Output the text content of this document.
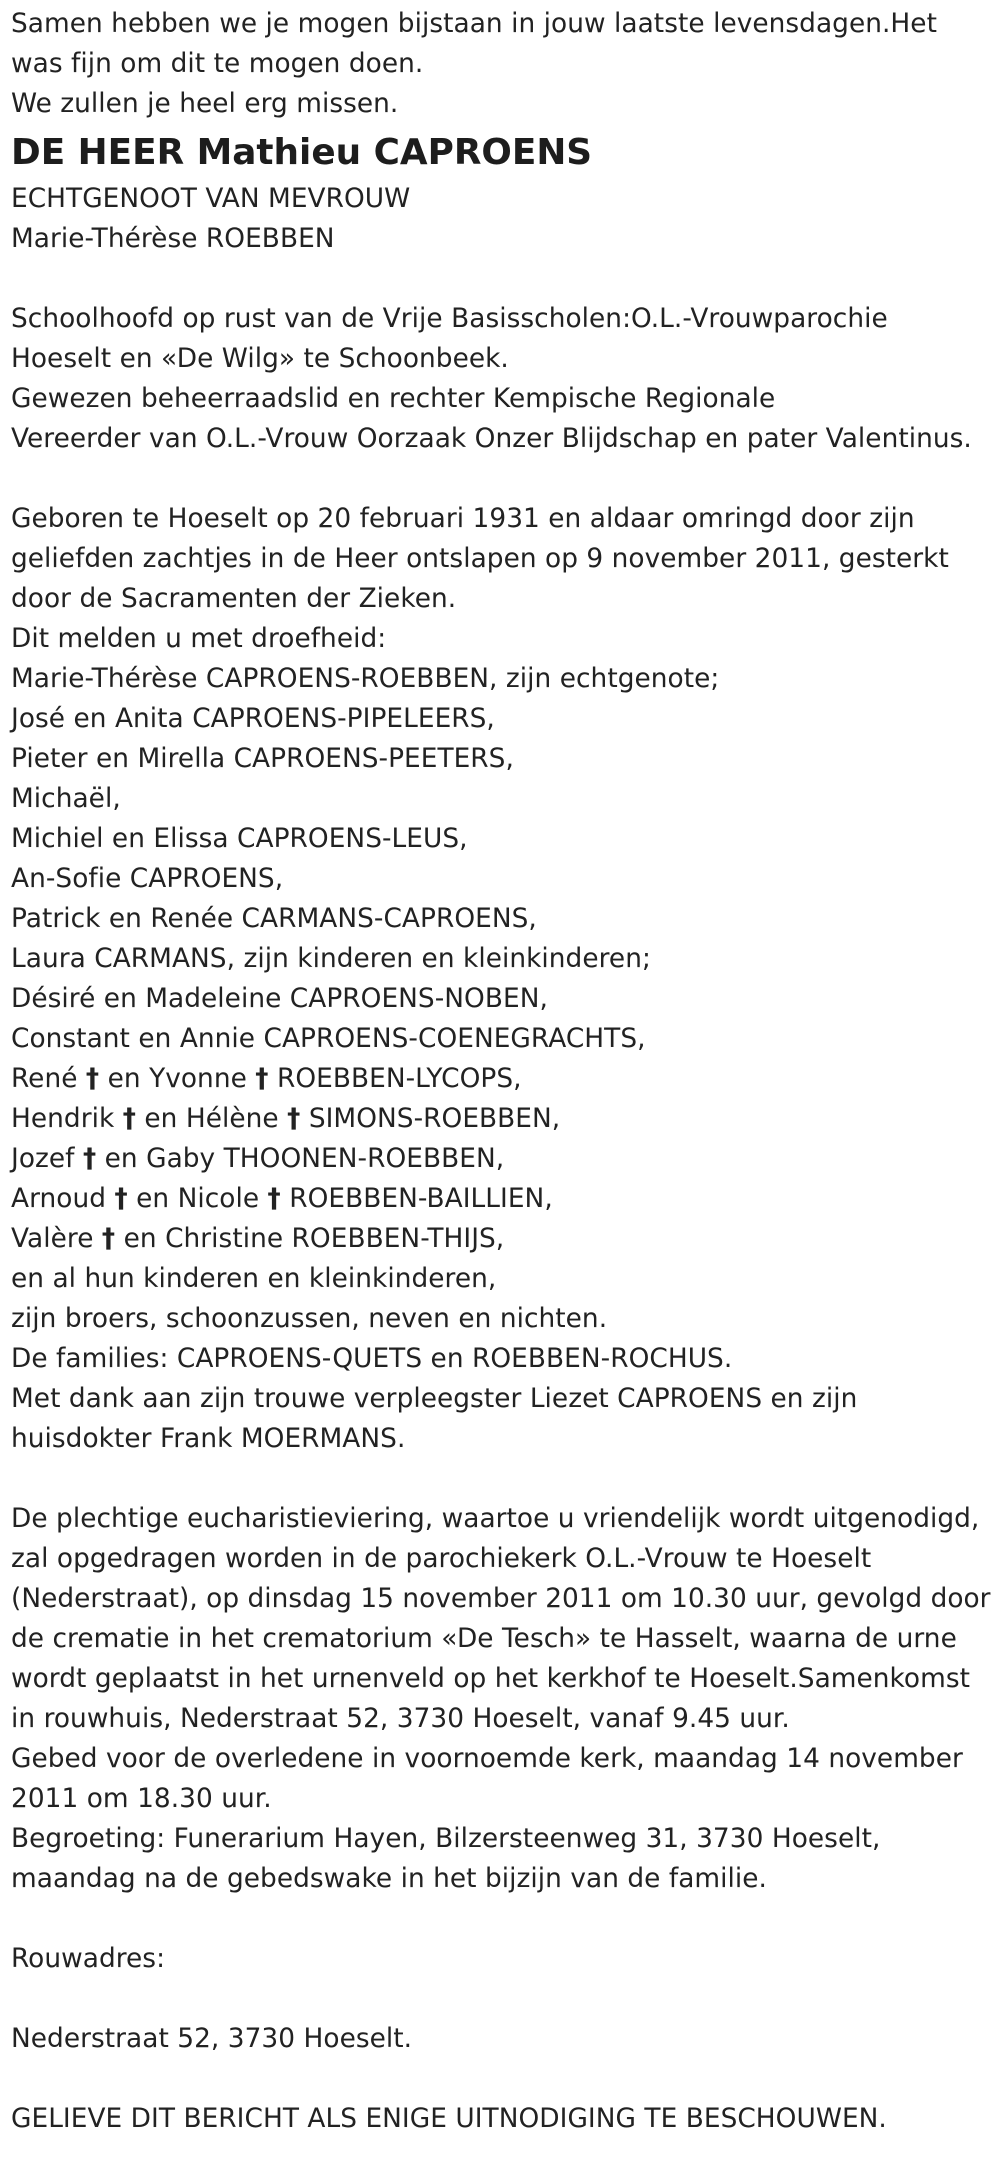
Samen hebben we je mogen bijstaan in jouw laatste levensdagen.Het
was fijn om dit te mogen doen.
We zullen je heel erg missen.
DE HEER Mathieu CAPROENS
ECHTGENOOT VAN MEVROUW
Marie-Thérèse ROEBBEN
Schoolhoofd op rust van de Vrije Basisscholen:O.L.-Vrouwparochie
Hoeselt en «De Wilg» te Schoonbeek.
Gewezen beheerraadslid en rechter Kempische Regionale
Vereerder van O.L.-Vrouw Oorzaak Onzer Blijdschap en pater Valentinus.
Geboren te Hoeselt op 20 februari 1931 en aldaar omringd door zijn
geliefden zachtjes in de Heer ontslapen op 9 november 2011, gesterkt
door de Sacramenten der Zieken.
Dit melden u met droefheid:
Marie-Thérèse CAPROENS-ROEBBEN, zijn echtgenote;
José en Anita CAPROENS-PIPELEERS,
Pieter en Mirella CAPROENS-PEETERS,
Michaël,
Michiel en Elissa CAPROENS-LEUS,
An-Sofie CAPROENS,
Patrick en Renée CARMANS-CAPROENS,
Laura CARMANS, zijn kinderen en kleinkinderen;
Désiré en Madeleine CAPROENS-NOBEN,
Constant en Annie CAPROENS-COENEGRACHTS,
René † en Yvonne † ROEBBEN-LYCOPS,
Hendrik † en Hélène † SIMONS-ROEBBEN,
Jozef † en Gaby THOONEN-ROEBBEN,
Arnoud † en Nicole † ROEBBEN-BAILLIEN,
Valère † en Christine ROEBBEN-THIJS,
en al hun kinderen en kleinkinderen,
zijn broers, schoonzussen, neven en nichten.
De families: CAPROENS-QUETS en ROEBBEN-ROCHUS.
Met dank aan zijn trouwe verpleegster Liezet CAPROENS en zijn
huisdokter Frank MOERMANS.
De plechtige eucharistieviering, waartoe u vriendelijk wordt uitgenodigd,
zal opgedragen worden in de parochiekerk O.L.-Vrouw te Hoeselt
(Nederstraat), op dinsdag 15 november 2011 om 10.30 uur, gevolgd door
de crematie in het crematorium «De Tesch» te Hasselt, waarna de urne
wordt geplaatst in het urnenveld op het kerkhof te Hoeselt.Samenkomst
in rouwhuis, Nederstraat 52, 3730 Hoeselt, vanaf 9.45 uur.
Gebed voor de overledene in voornoemde kerk, maandag 14 november
2011 om 18.30 uur.
Begroeting: Funerarium Hayen, Bilzersteenweg 31, 3730 Hoeselt,
maandag na de gebedswake in het bijzijn van de familie.
Rouwadres:
Nederstraat 52, 3730 Hoeselt.
GELIEVE DIT BERICHT ALS ENIGE UITNODIGING TE BESCHOUWEN.
